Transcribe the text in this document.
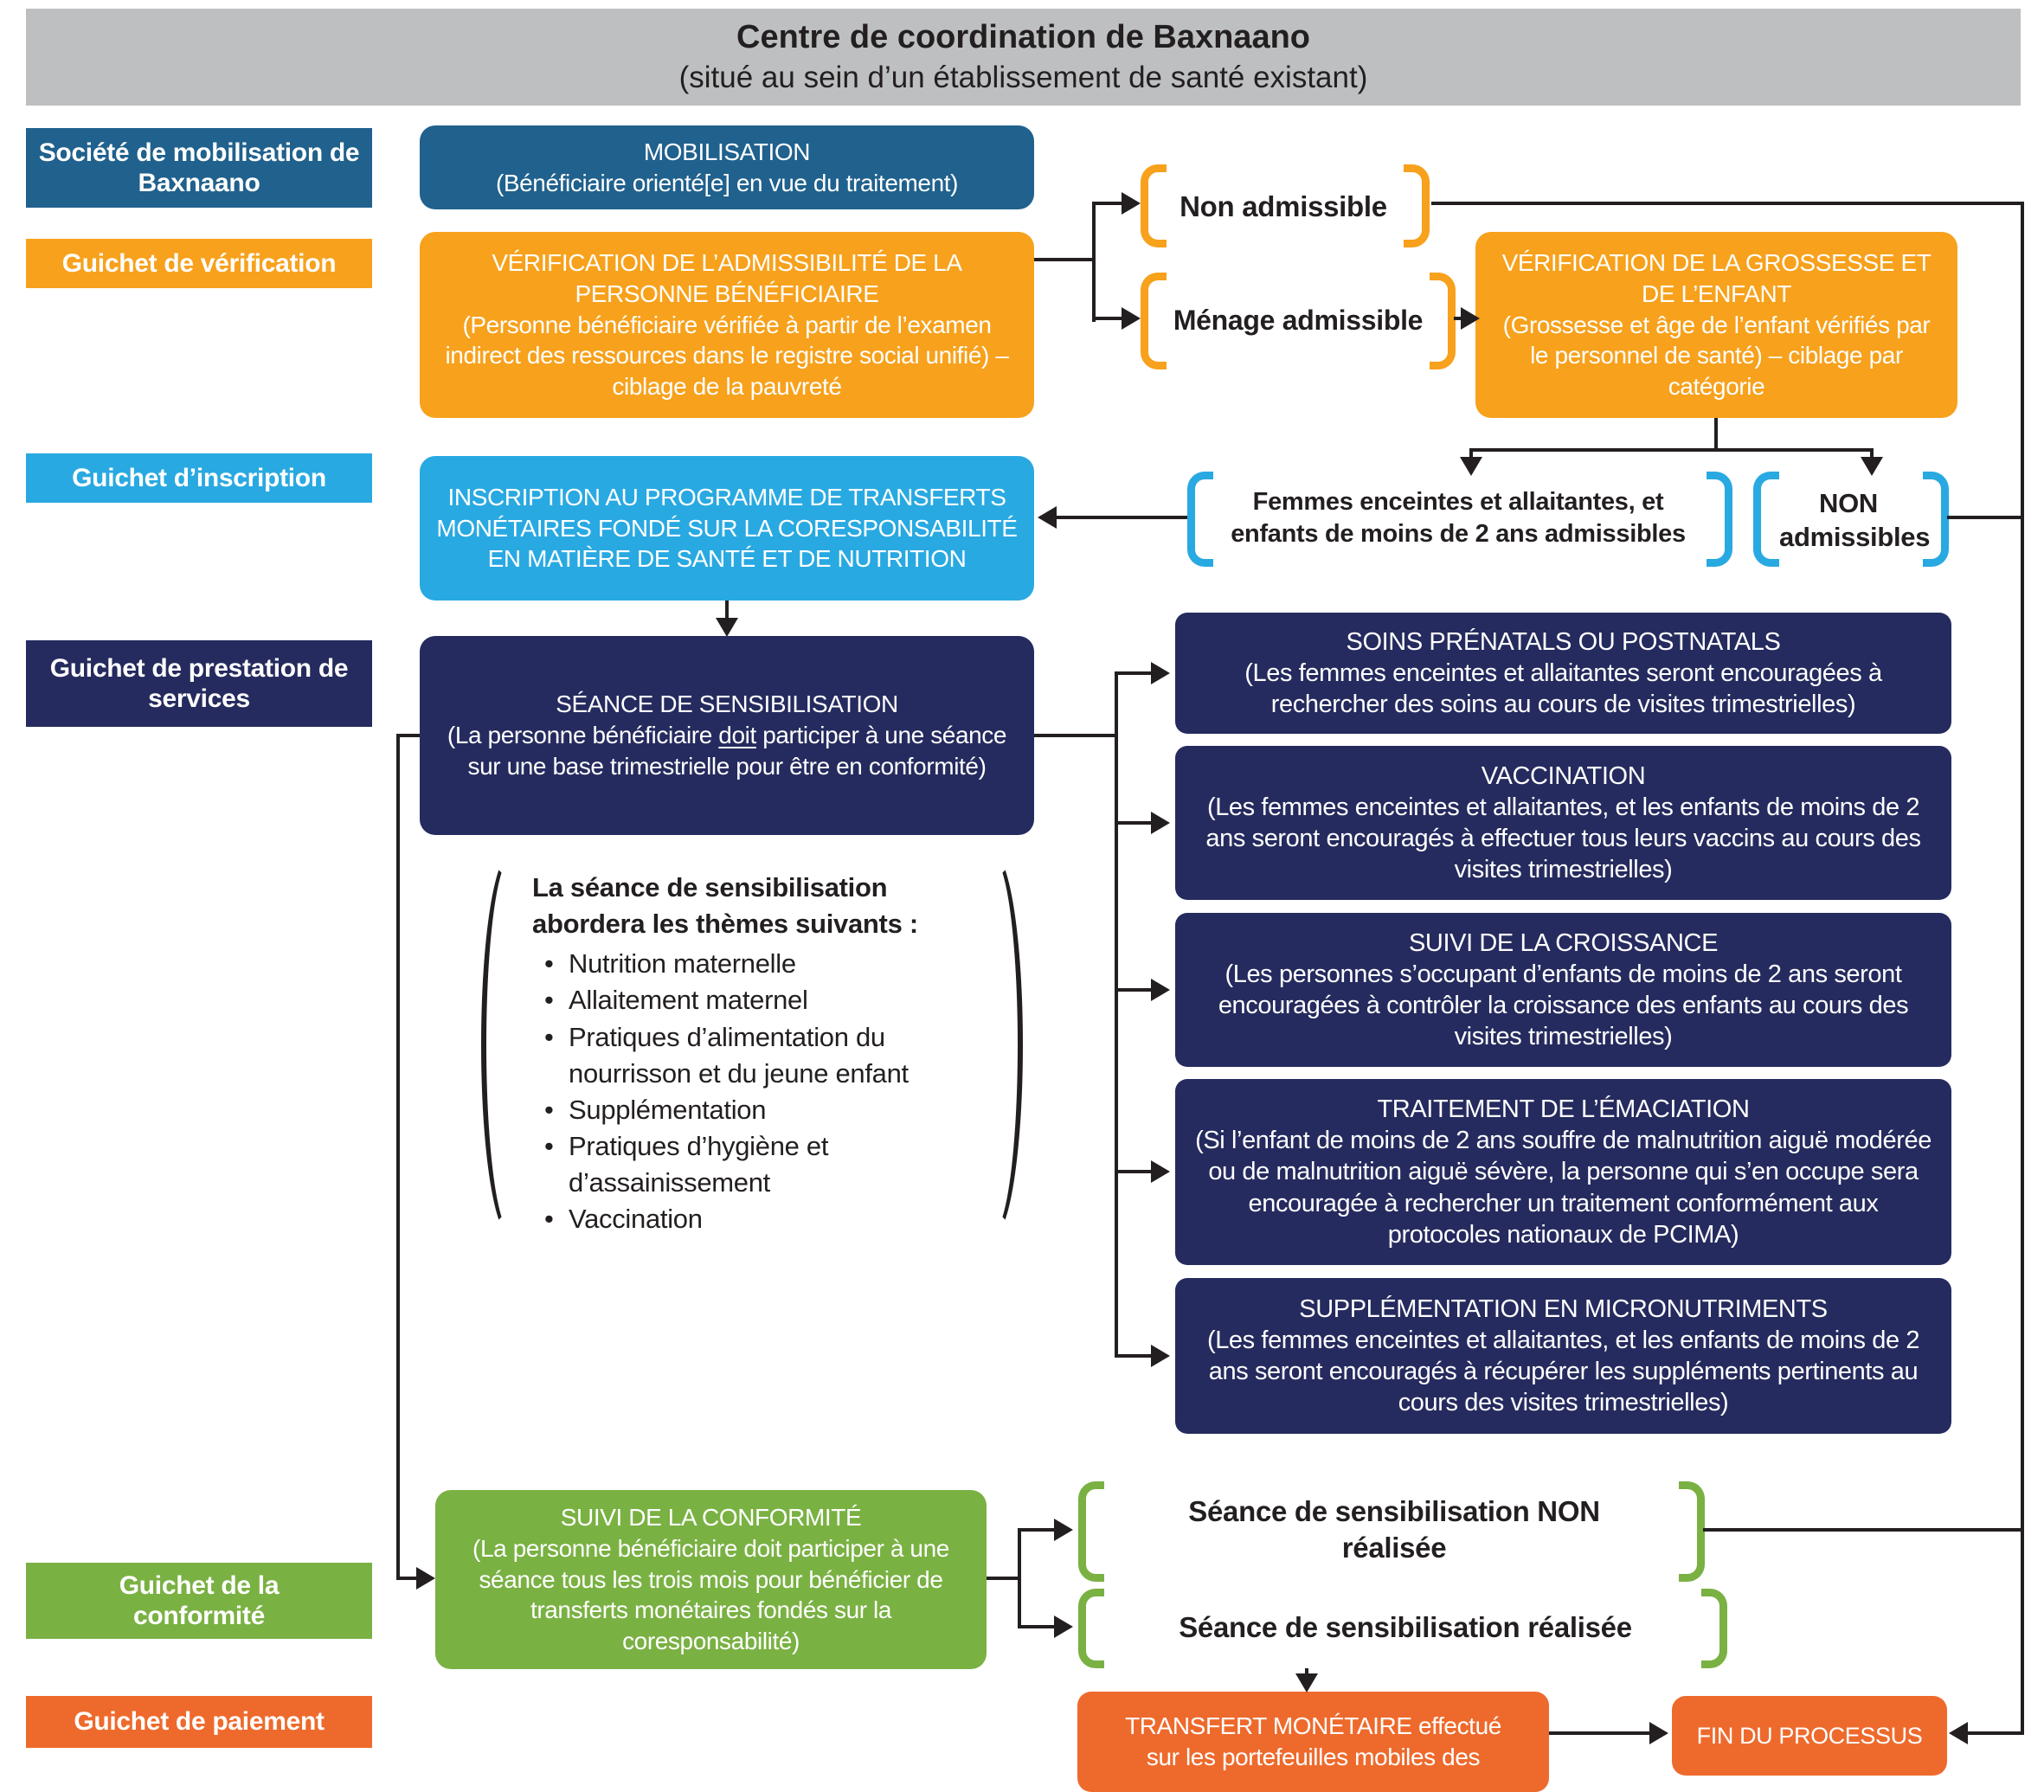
Centre de coordination de Baxnaano
(situé au sein d’un établissement de santé existant)
Société de mobilisation de Baxnaano
Guichet de vérification
Guichet d’inscription
Guichet de prestation de services
Guichet de la conformité
Guichet de paiement
MOBILISATION
(Bénéficiaire orienté[e] en vue du traitement)
VÉRIFICATION DE L’ADMISSIBILITÉ DE LA PERSONNE BÉNÉFICIAIRE
(Personne bénéficiaire vérifiée à partir de l’examen indirect des ressources dans le registre social unifié) – ciblage de la pauvreté
INSCRIPTION AU PROGRAMME DE TRANSFERTS MONÉTAIRES FONDÉ SUR LA CORESPONSABILITÉ EN MATIÈRE DE SANTÉ ET DE NUTRITION
SÉANCE DE SENSIBILISATION
(La personne bénéficiaire doit participer à une séance sur une base trimestrielle pour être en conformité)
La séance de sensibilisation abordera les thèmes suivants :
• Nutrition maternelle
• Allaitement maternel
• Pratiques d’alimentation du nourrisson et du jeune enfant
• Supplémentation
• Pratiques d’hygiène et d’assainissement
• Vaccination
SUIVI DE LA CONFORMITÉ
(La personne bénéficiaire doit participer à une séance tous les trois mois pour bénéficier de transferts monétaires fondés sur la coresponsabilité)
Non admissible
Ménage admissible
VÉRIFICATION DE LA GROSSESSE ET DE L’ENFANT
(Grossesse et âge de l’enfant vérifiés par le personnel de santé) – ciblage par catégorie
Femmes enceintes et allaitantes, et
enfants de moins de 2 ans admissibles
NON
admissibles
SOINS PRÉNATALS OU POSTNATALS
(Les femmes enceintes et allaitantes seront encouragées à rechercher des soins au cours de visites trimestrielles)
VACCINATION
(Les femmes enceintes et allaitantes, et les enfants de moins de 2 ans seront encouragés à effectuer tous leurs vaccins au cours des visites trimestrielles)
SUIVI DE LA CROISSANCE
(Les personnes s’occupant d’enfants de moins de 2 ans seront encouragées à contrôler la croissance des enfants au cours des visites trimestrielles)
TRAITEMENT DE L’ÉMACIATION
(Si l’enfant de moins de 2 ans souffre de malnutrition aiguë modérée ou de malnutrition aiguë sévère, la personne qui s’en occupe sera encouragée à rechercher un traitement conformément aux protocoles nationaux de PCIMA)
SUPPLÉMENTATION EN MICRONUTRIMENTS
(Les femmes enceintes et allaitantes, et les enfants de moins de 2 ans seront encouragés à récupérer les suppléments pertinents au cours des visites trimestrielles)
Séance de sensibilisation NON
réalisée
Séance de sensibilisation réalisée
TRANSFERT MONÉTAIRE effectué
sur les portefeuilles mobiles des
FIN DU PROCESSUS
